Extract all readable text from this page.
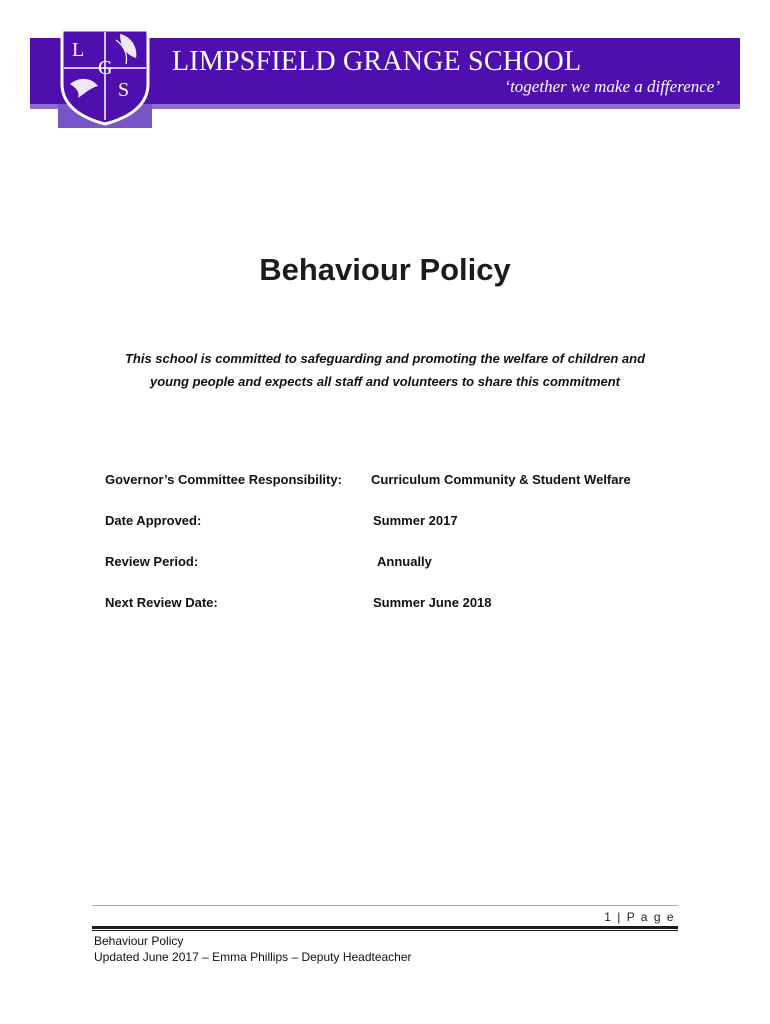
L
G
S
LIMPSFIELD GRANGE SCHOOL

‘together we make a difference’

Behaviour Policy
This school is committed to safeguarding and promoting the welfare of children and
young people and expects all staff and volunteers to share this commitment
Governor’s Committee Responsibility: Curriculum Community & Student Welfare
Date Approved:	Summer 2017
Review Period:	Annually
Next Review Date:	Summer June 2018
1 | P a g e
Behaviour Policy
Updated June 2017 – Emma Phillips – Deputy Headteacher
